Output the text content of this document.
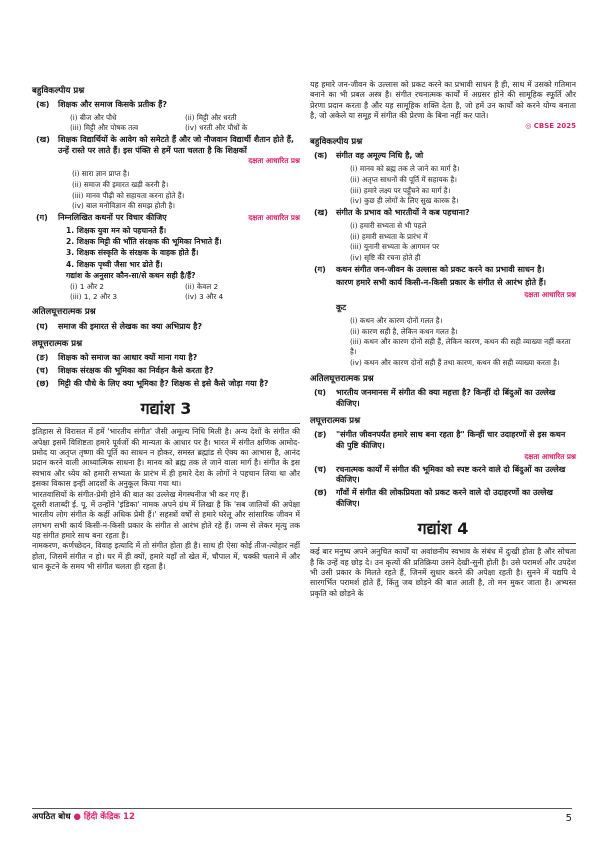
बहुविकल्पीय प्रश्न
(क) शिक्षक और समाज किसके प्रतीक हैं?
(i) बीज और पौधे	(ii) मिट्टी और धरती
(iii) मिट्टी और पोषक तत्व	(iv) धरती और पौधों के
(ख) शिक्षक विद्यार्थियों के आवेग को समेटते हैं और जो नौजवान विद्यार्थी शैतान होते हैं, उन्हें रास्ते पर लाते हैं। इस पंक्ति से हमें पता चलता है कि शिक्षकों
दक्षता आधारित प्रश्न
(i) सारा ज्ञान प्राप्त है।
(ii) समाज की इमारत खड़ी करनी है।
(iii) मानव पीढ़ी को सहायता करना होते हैं।
(iv) बाल मनोविज्ञान की समझ होती है।
(ग) निम्नलिखित कथनों पर विचार कीजिए	दक्षता आधारित प्रश्न
1. शिक्षक युवा मन को पहचानते हैं।
2. शिक्षक मिट्टी की भाँति संरक्षक की भूमिका निभाते हैं।
3. शिक्षक संस्कृति के संरक्षक के वाहक होते हैं।
4. शिक्षक पृथ्वी जैसा भार ढोते हैं।
गद्यांश के अनुसार कौन-सा/से कथन सही है/हैं?
(i) 1 और 2	(ii) केवल 2
(iii) 1, 2 और 3	(iv) 3 और 4
अतिलघूत्तरात्मक प्रश्न
(घ) समाज की इमारत से लेखक का क्या अभिप्राय है?
लघूत्तरात्मक प्रश्न
(ङ) शिक्षक को समाज का आधार क्यों माना गया है?
(च) शिक्षक संरक्षक की भूमिका का निर्वहन कैसे करता है?
(छ) मिट्टी की पौधे के लिए क्या भूमिका है? शिक्षक से इसे कैसे जोड़ा गया है?
गद्यांश 3

इतिहास से विरासत में हमें 'भारतीय संगीत' जैसी अमूल्य निधि मिली है। अन्य देशों के संगीत की अपेक्षा इसमें विशिष्टता हमारे पूर्वजों की मान्यता के आधार पर है। भारत में संगीत क्षणिक आमोद-प्रमोद या अतृप्त तृष्णा की पूर्ति का साधन न होकर, समस्त ब्रह्मांड से ऐक्य का आभास है, आनंद प्रदान करने वाली आध्यात्मिक साधना है। मानव को ब्रह्म तक ले जाने वाला मार्ग है। संगीत के इस स्वभाव और ध्येय को हमारी सभ्यता के प्रारंभ में ही हमारे देश के लोगों ने पहचान लिया था और इसका विकास इन्हीं आदर्शों के अनुकूल किया गया था।

भारतवासियों के संगीत-प्रेमी होने की बात का उल्लेख मेगस्थनीज भी कर गए हैं।

दूसरी शताब्दी ई. पू. में उन्होंने 'इंडिका' नामक अपने ग्रंथ में लिखा है कि 'सब जातियों की अपेक्षा भारतीय लोग संगीत के कहीं अधिक प्रेमी हैं।' सहस्त्रों वर्षों से हमारे घरेलू और सांसारिक जीवन में लगभग सभी कार्य किसी-न-किसी प्रकार के संगीत से आरंभ होते रहे हैं। जन्म से लेकर मृत्यु तक यह संगीत हमारे साथ बना रहता है।

नामकरण, कर्णच्छेदन, विवाह इत्यादि में तो संगीत होता ही है। साथ ही ऐसा कोई तीज-त्योहार नहीं होता, जिसमें संगीत न हो। घर में ही क्यों, हमारे यहाँ तो खेत में, चौपाल में, चक्की चलाने में और धान कूटने के समय भी संगीत चलता ही रहता है।

यह हमारे जन-जीवन के उल्लास को प्रकट करने का प्रभावी साधन है ही, साथ में उसको गतिमान बनाने का भी प्रबल अस्त्र है। संगीत रचनात्मक कार्यों में अग्रसर होने की सामूहिक स्फूर्ति और प्रेरणा प्रदान करता है और यह सामूहिक शक्ति देता है, जो हमें उन कार्यों को करने योग्य बनाता है, जो अकेले या समूह में संगीत की प्रेरणा के बिना नहीं कर पाते।

◎ CBSE 2025
बहुविकल्पीय प्रश्न
(क) संगीत वह अमूल्य निधि है, जो
(i) मानव को ब्रह्म तक ले जाने का मार्ग है।
(ii) अतृप्त साधनों की पूर्ति में सहायक है।
(iii) हमारे लक्ष्य पर पहुँचने का मार्ग है।
(iv) कुछ ही लोगों के लिए सुख कारक है।
(ख) संगीत के प्रभाव को भारतीयों ने कब पहचाना?
(i) हमारी सभ्यता से भी पहले
(ii) हमारी सभ्यता के प्रारंभ में
(iii) यूनानी सभ्यता के आगमन पर
(iv) सृष्टि की रचना होते ही
(ग) कथन संगीत जन-जीवन के उल्लास को प्रकट करने का प्रभावी साधन है।
कारण हमारे सभी कार्य किसी-न-किसी प्रकार के संगीत से आरंभ होते हैं।
दक्षता आधारित प्रश्न
कूट
(i) कथन और कारण दोनों गलत है।
(ii) कारण सही है, लेकिन कथन गलत है।
(iii) कथन और कारण दोनों सही हैं, लेकिन कारण, कथन की सही व्याख्या नहीं करता है।
(iv) कथन और कारण दोनों सही हैं तथा कारण, कथन की सही व्याख्या करता है।
अतिलघूत्तरात्मक प्रश्न
(घ) भारतीय जनमानस में संगीत की क्या महत्ता है? किन्हीं दो बिंदुओं का उल्लेख कीजिए।
लघूत्तरात्मक प्रश्न
(ङ) "संगीत जीवनपर्यंत हमारे साथ बना रहता है" किन्हीं चार उदाहरणों से इस कथन की पुष्टि कीजिए।
दक्षता आधारित प्रश्न
(च) रचनात्मक कार्यों में संगीत की भूमिका को स्पष्ट करने वाले दो बिंदुओं का उल्लेख कीजिए।
(छ) गाँवों में संगीत की लोकप्रियता को प्रकट करने वाले दो उदाहरणों का उल्लेख कीजिए।
गद्यांश 4

कई बार मनुष्य अपने अनुचित कार्यों या अवांछनीय स्वभाव के संबंध में दुःखी होता है और सोचता है कि उन्हें वह छोड़ दे। उन कृत्यों की प्रतिक्रिया उसने देखी-सुनी होती है। उसे परामर्श और उपदेश भी उसी प्रकार के मिलते रहते हैं, जिनमें सुधार करने की अपेक्षा रहती है। सुनने में यद्यपि ये सारगर्भित परामर्श होते हैं, किंतु जब छोड़ने की बात आती है, तो मन मुकर जाता है। अभ्यस्त प्रकृति को छोड़ने के

अपठित बोध ● हिंदी केंद्रिक 12	5
